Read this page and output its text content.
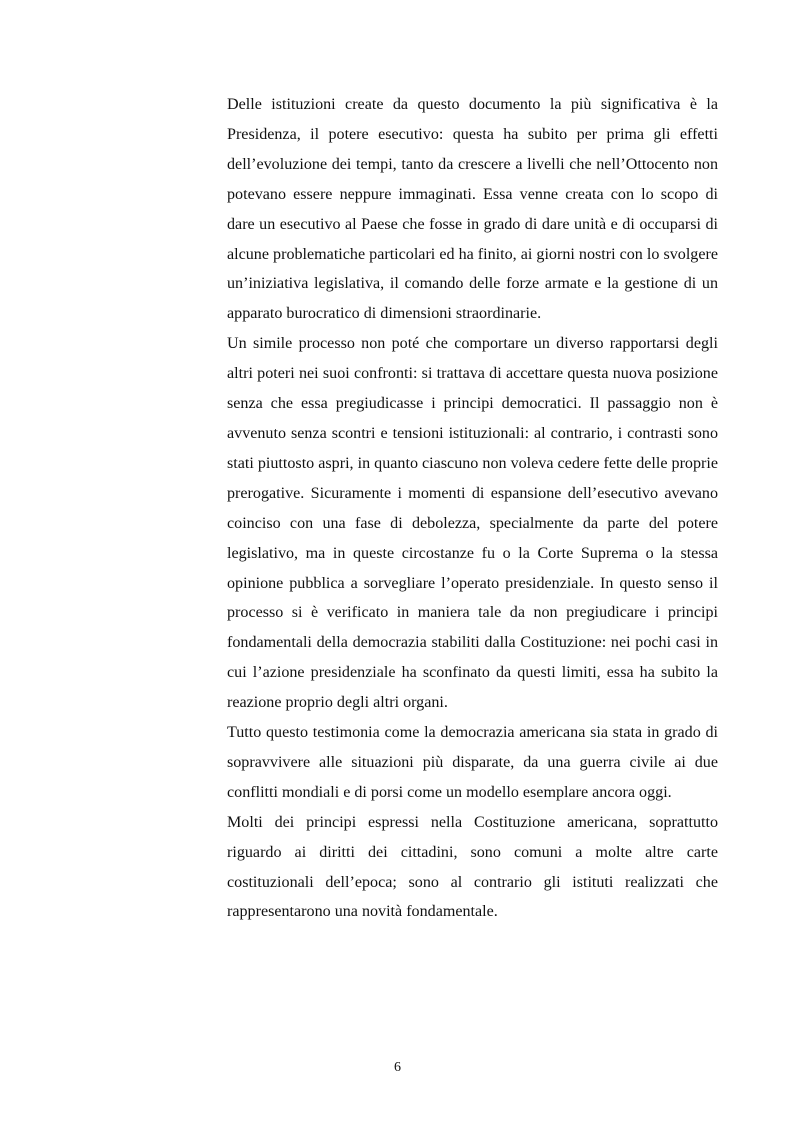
Delle istituzioni create da questo documento la più significativa è la Presidenza, il potere esecutivo: questa ha subito per prima gli effetti dell’evoluzione dei tempi, tanto da crescere a livelli che nell’Ottocento non potevano essere neppure immaginati. Essa venne creata con lo scopo di dare un esecutivo al Paese che fosse in grado di dare unità e di occuparsi di alcune problematiche particolari ed ha finito, ai giorni nostri con lo svolgere un’iniziativa legislativa, il comando delle forze armate e la gestione di un apparato burocratico di dimensioni straordinarie.

Un simile processo non poté che comportare un diverso rapportarsi degli altri poteri nei suoi confronti: si trattava di accettare questa nuova posizione senza che essa pregiudicasse i principi democratici. Il passaggio non è avvenuto senza scontri e tensioni istituzionali: al contrario, i contrasti sono stati piuttosto aspri, in quanto ciascuno non voleva cedere fette delle proprie prerogative. Sicuramente i momenti di espansione dell’esecutivo avevano coinciso con una fase di debolezza, specialmente da parte del potere legislativo, ma in queste circostanze fu o la Corte Suprema o la stessa opinione pubblica a sorvegliare l’operato presidenziale. In questo senso il processo si è verificato in maniera tale da non pregiudicare i principi fondamentali della democrazia stabiliti dalla Costituzione: nei pochi casi in cui l’azione presidenziale ha sconfinato da questi limiti, essa ha subito la reazione proprio degli altri organi.

Tutto questo testimonia come la democrazia americana sia stata in grado di sopravvivere alle situazioni più disparate, da una guerra civile ai due conflitti mondiali e di porsi come un modello esemplare ancora oggi.

Molti dei principi espressi nella Costituzione americana, soprattutto riguardo ai diritti dei cittadini, sono comuni a molte altre carte costituzionali dell’epoca; sono al contrario gli istituti realizzati che rappresentarono una novità fondamentale.

6
